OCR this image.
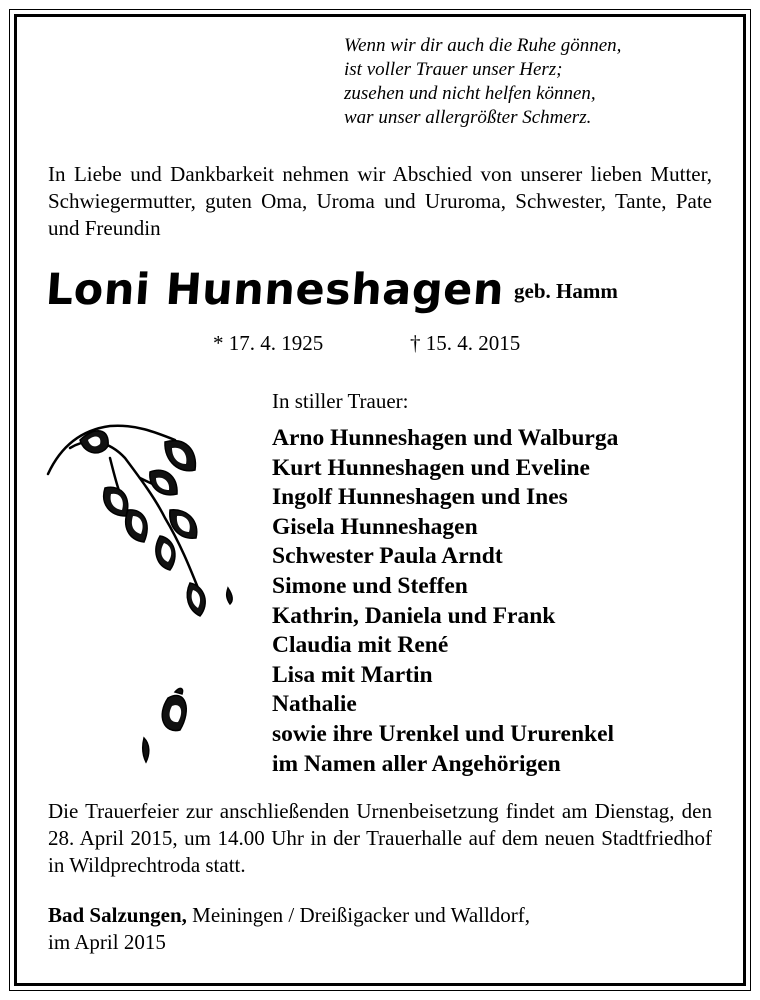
Wenn wir dir auch die Ruhe gönnen,
ist voller Trauer unser Herz;
zusehen und nicht helfen können,
war unser allergrößter Schmerz.
In Liebe und Dankbarkeit nehmen wir Abschied von unserer lieben Mutter, Schwiegermutter, guten Oma, Uroma und Ururoma, Schwester, Tante, Pate und Freundin
Loni Hunneshagen geb. Hamm
* 17. 4. 1925	† 15. 4. 2015
In stiller Trauer:
Arno Hunneshagen und Walburga
Kurt Hunneshagen und Eveline
Ingolf Hunneshagen und Ines
Gisela Hunneshagen
Schwester Paula Arndt
Simone und Steffen
Kathrin, Daniela und Frank
Claudia mit René
Lisa mit Martin
Nathalie
sowie ihre Urenkel und Ururenkel
im Namen aller Angehörigen
Die Trauerfeier zur anschließenden Urnenbeisetzung findet am Dienstag, den 28. April 2015, um 14.00 Uhr in der Trauerhalle auf dem neuen Stadtfriedhof in Wildprechtroda statt.
Bad Salzungen, Meiningen / Dreißigacker und Walldorf,
im April 2015
